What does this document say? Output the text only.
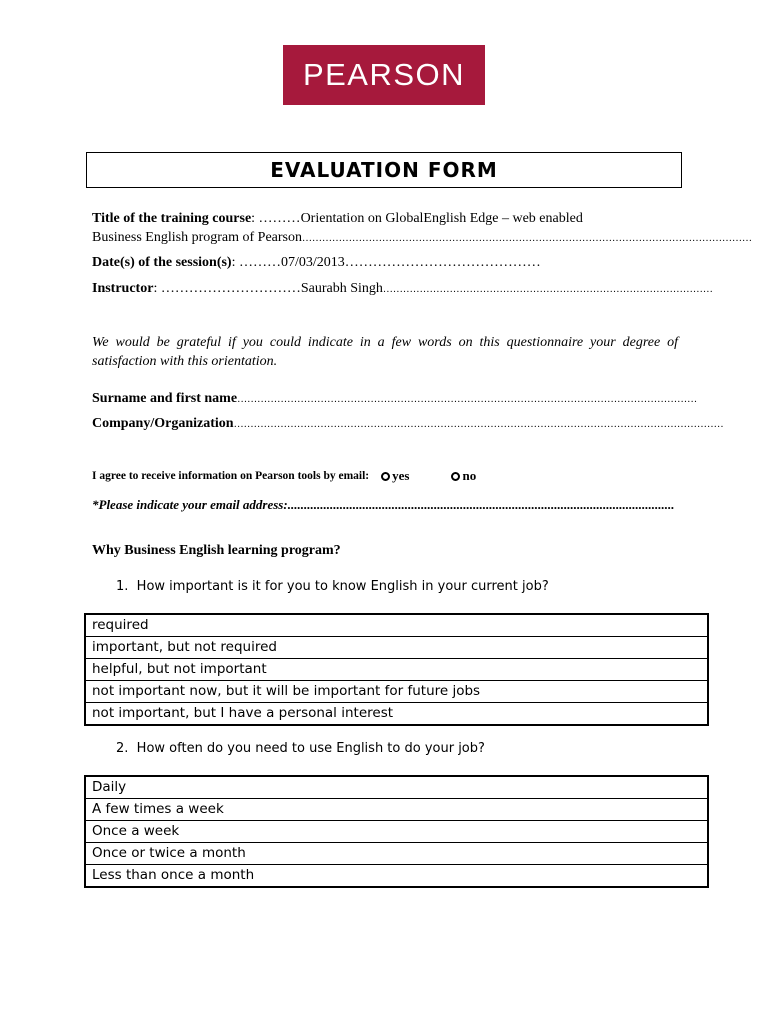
PEARSON
EVALUATION FORM
Title of the training course: ………Orientation on GlobalEnglish Edge – web enabled
Business English program of Pearson………………………………………………………………………………………………………………………
Date(s) of the session(s): ………07/03/2013……………………………………
Instructor: …………………………Saurabh Singh………………………………………………………………………………………
We would be grateful if you could indicate in a few words on this questionnaire your degree of satisfaction with this orientation.
Surname and first name…………………………………………………………………………………………………………………………
Company/Organization…………………………………………………………………………………………………………………………………
I agree to receive information on Pearson tools by email: yes	no
*Please indicate your email address:.......................................................................................................................
Why Business English learning program?
1. How important is it for you to know English in your current job?
required
important, but not required
helpful, but not important
not important now, but it will be important for future jobs
not important, but I have a personal interest
2. How often do you need to use English to do your job?
Daily
A few times a week
Once a week
Once or twice a month
Less than once a month
